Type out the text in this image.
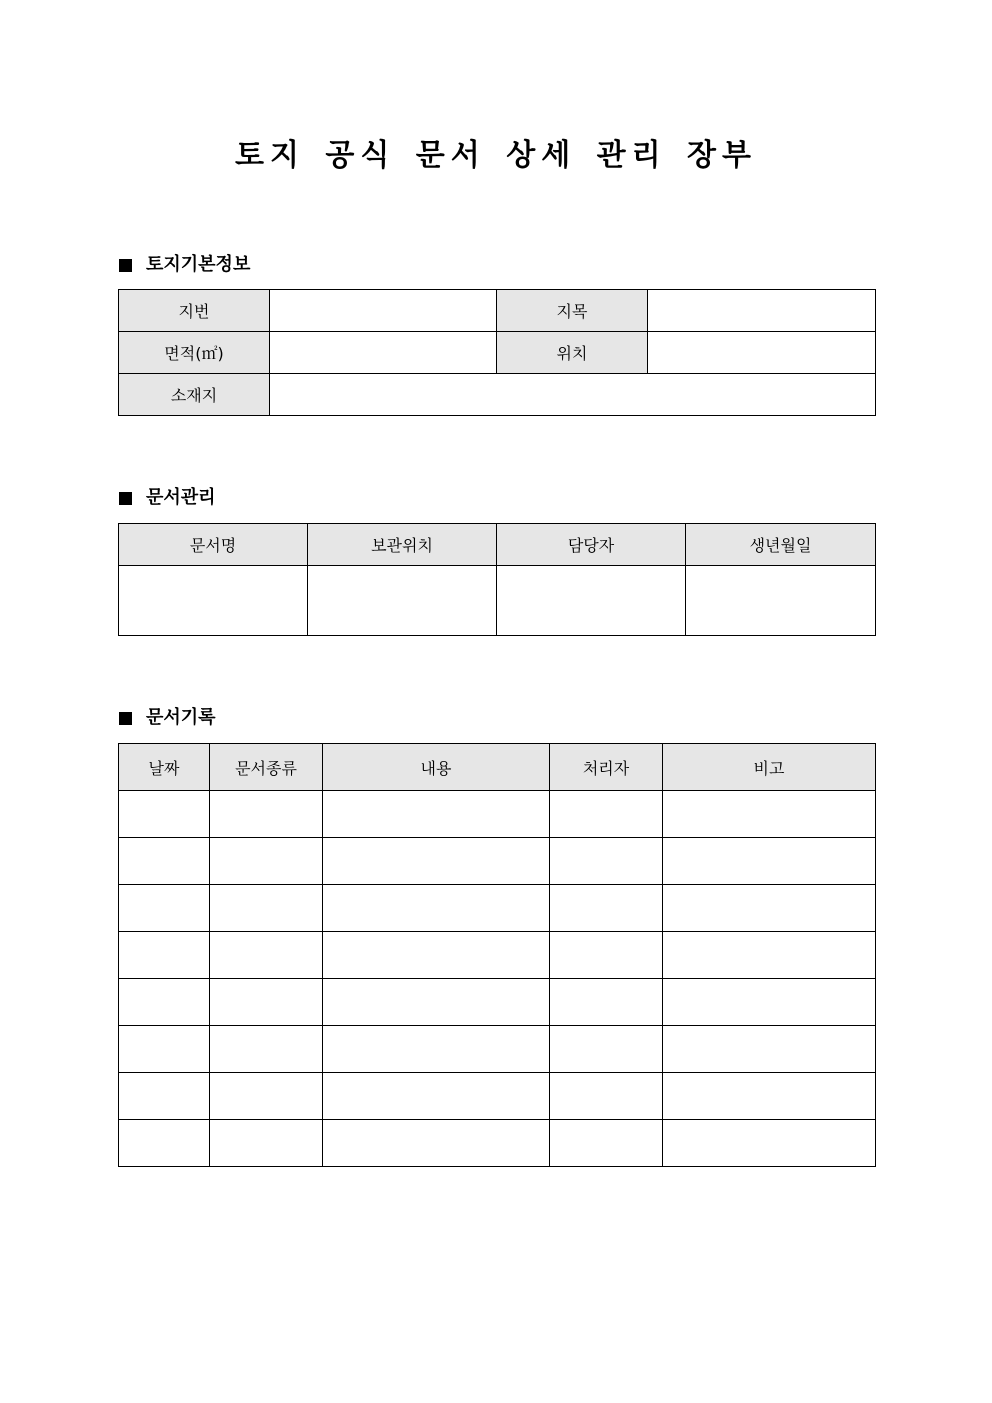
토지 공식 문서 상세 관리 장부
토지기본정보
지번		지목	
면적(㎡)		위치	
소재지			
문서관리
문서명	보관위치	담당자	생년월일

문서기록
날짜	문서종류	내용	처리자	비고
